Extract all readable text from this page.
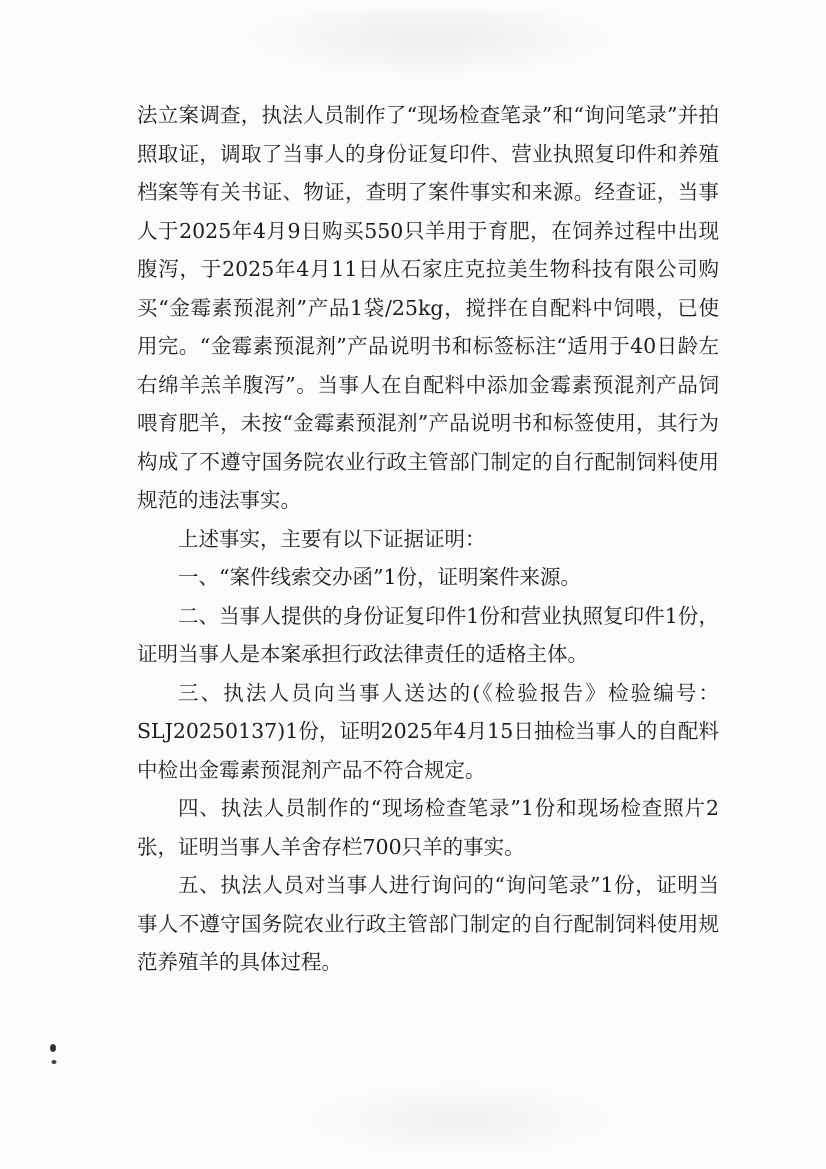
法立案调查，执法人员制作了“现场检查笔录”和“询问笔录”并拍照取证，调取了当事人的身份证复印件、营业执照复印件和养殖档案等有关书证、物证，查明了案件事实和来源。经查证，当事人于2025年4月9日购买550只羊用于育肥，在饲养过程中出现腹泻，于2025年4月11日从石家庄克拉美生物科技有限公司购买“金霉素预混剂”产品1袋/25kg，搅拌在自配料中饲喂，已使用完。“金霉素预混剂”产品说明书和标签标注“适用于40日龄左右绵羊羔羊腹泻”。当事人在自配料中添加金霉素预混剂产品饲喂育肥羊，未按“金霉素预混剂”产品说明书和标签使用，其行为构成了不遵守国务院农业行政主管部门制定的自行配制饲料使用规范的违法事实。

上述事实，主要有以下证据证明：

一、“案件线索交办函”1份，证明案件来源。

二、当事人提供的身份证复印件1份和营业执照复印件1份，证明当事人是本案承担行政法律责任的适格主体。

三、执法人员向当事人送达的(《检验报告》检验编号：SLJ20250137)1份，证明2025年4月15日抽检当事人的自配料中检出金霉素预混剂产品不符合规定。

四、执法人员制作的“现场检查笔录”1份和现场检查照片2张，证明当事人羊舍存栏700只羊的事实。

五、执法人员对当事人进行询问的“询问笔录”1份，证明当事人不遵守国务院农业行政主管部门制定的自行配制饲料使用规范养殖羊的具体过程。
